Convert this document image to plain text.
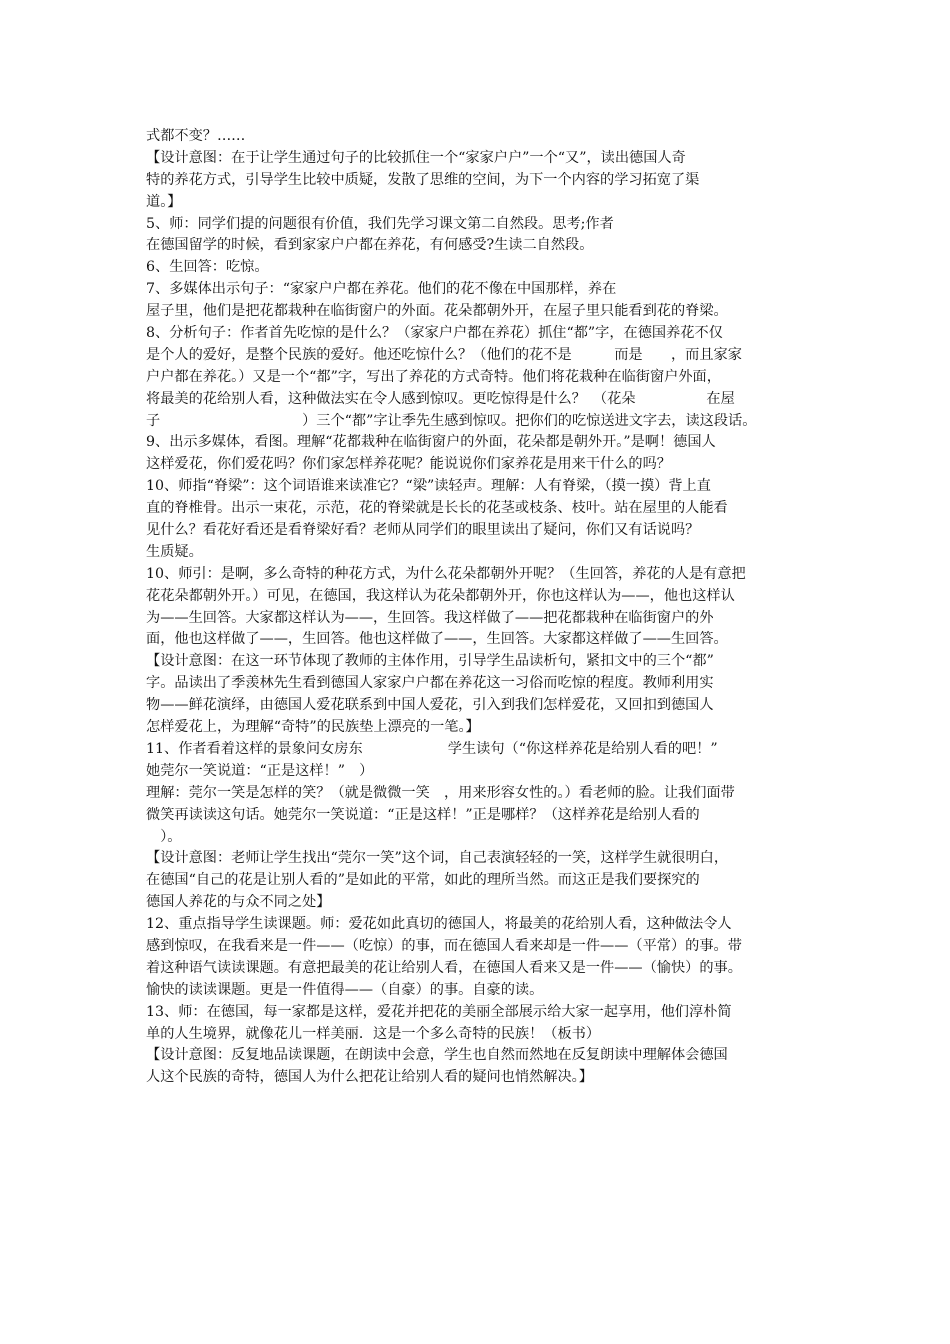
式都不变？……
【设计意图：在于让学生通过句子的比较抓住一个“家家户户”一个“又”，读出德国人奇
特的养花方式，引导学生比较中质疑，发散了思维的空间，为下一个内容的学习拓宽了渠
道。】
5、师：同学们提的问题很有价值，我们先学习课文第二自然段。思考;作者
在德国留学的时候，看到家家户户都在养花，有何感受?生读二自然段。
6、生回答：吃惊。
7、多媒体出示句子：“家家户户都在养花。他们的花不像在中国那样，养在
屋子里，他们是把花都栽种在临街窗户的外面。花朵都朝外开，在屋子里只能看到花的脊梁。
8、分析句子：作者首先吃惊的是什么？（家家户户都在养花）抓住“都”字，在德国养花不仅
是个人的爱好，是整个民族的爱好。他还吃惊什么？（他们的花不是　　　而是　　，而且家家
户户都在养花。）又是一个“都”字，写出了养花的方式奇特。他们将花栽种在临街窗户外面，
将最美的花给别人看，这种做法实在令人感到惊叹。更吃惊得是什么？　（花朵　　　　　在屋
子　　　　　　　　　　）三个“都”字让季先生感到惊叹。把你们的吃惊送进文字去，读这段话。
9、出示多媒体，看图。理解“花都栽种在临街窗户的外面，花朵都是朝外开。”是啊！德国人
这样爱花，你们爱花吗？你们家怎样养花呢？能说说你们家养花是用来干什么的吗？
10、师指“脊梁”：这个词语谁来读准它？“梁”读轻声。理解：人有脊梁，（摸一摸）背上直
直的脊椎骨。出示一束花，示范，花的脊梁就是长长的花茎或枝条、枝叶。站在屋里的人能看
见什么？看花好看还是看脊梁好看？老师从同学们的眼里读出了疑问，你们又有话说吗？
生质疑。
10、师引：是啊，多么奇特的种花方式，为什么花朵都朝外开呢？（生回答，养花的人是有意把
花花朵都朝外开。）可见，在德国，我这样认为花朵都朝外开，你也这样认为——，他也这样认
为——生回答。大家都这样认为——，生回答。我这样做了——把花都栽种在临街窗户的外
面，他也这样做了——，生回答。他也这样做了——，生回答。大家都这样做了——生回答。
【设计意图：在这一环节体现了教师的主体作用，引导学生品读析句，紧扣文中的三个“都”
字。品读出了季羡林先生看到德国人家家户户都在养花这一习俗而吃惊的程度。教师利用实
物——鲜花演绎，由德国人爱花联系到中国人爱花，引入到我们怎样爱花，又回扣到德国人
怎样爱花上，为理解“奇特”的民族垫上漂亮的一笔。】
11、作者看着这样的景象问女房东　　　　　　学生读句（“你这样养花是给别人看的吧！”
她莞尔一笑说道：“正是这样！”　）
理解：莞尔一笑是怎样的笑？（就是微微一笑　，用来形容女性的。）看老师的脸。让我们面带
微笑再读读这句话。她莞尔一笑说道：“正是这样！”正是哪样？（这样养花是给别人看的
　）。
【设计意图：老师让学生找出“莞尔一笑”这个词，自己表演轻轻的一笑，这样学生就很明白，
在德国“自己的花是让别人看的”是如此的平常，如此的理所当然。而这正是我们要探究的
德国人养花的与众不同之处】
12、重点指导学生读课题。师：爱花如此真切的德国人，将最美的花给别人看，这种做法令人
感到惊叹，在我看来是一件——（吃惊）的事，而在德国人看来却是一件——（平常）的事。带
着这种语气读读课题。有意把最美的花让给别人看，在德国人看来又是一件——（愉快）的事。
愉快的读读课题。更是一件值得——（自豪）的事。自豪的读。
13、师：在德国，每一家都是这样，爱花并把花的美丽全部展示给大家一起享用，他们淳朴简
单的人生境界，就像花儿一样美丽．这是一个多么奇特的民族！（板书）
【设计意图：反复地品读课题，在朗读中会意，学生也自然而然地在反复朗读中理解体会德国
人这个民族的奇特，德国人为什么把花让给别人看的疑问也悄然解决。】
